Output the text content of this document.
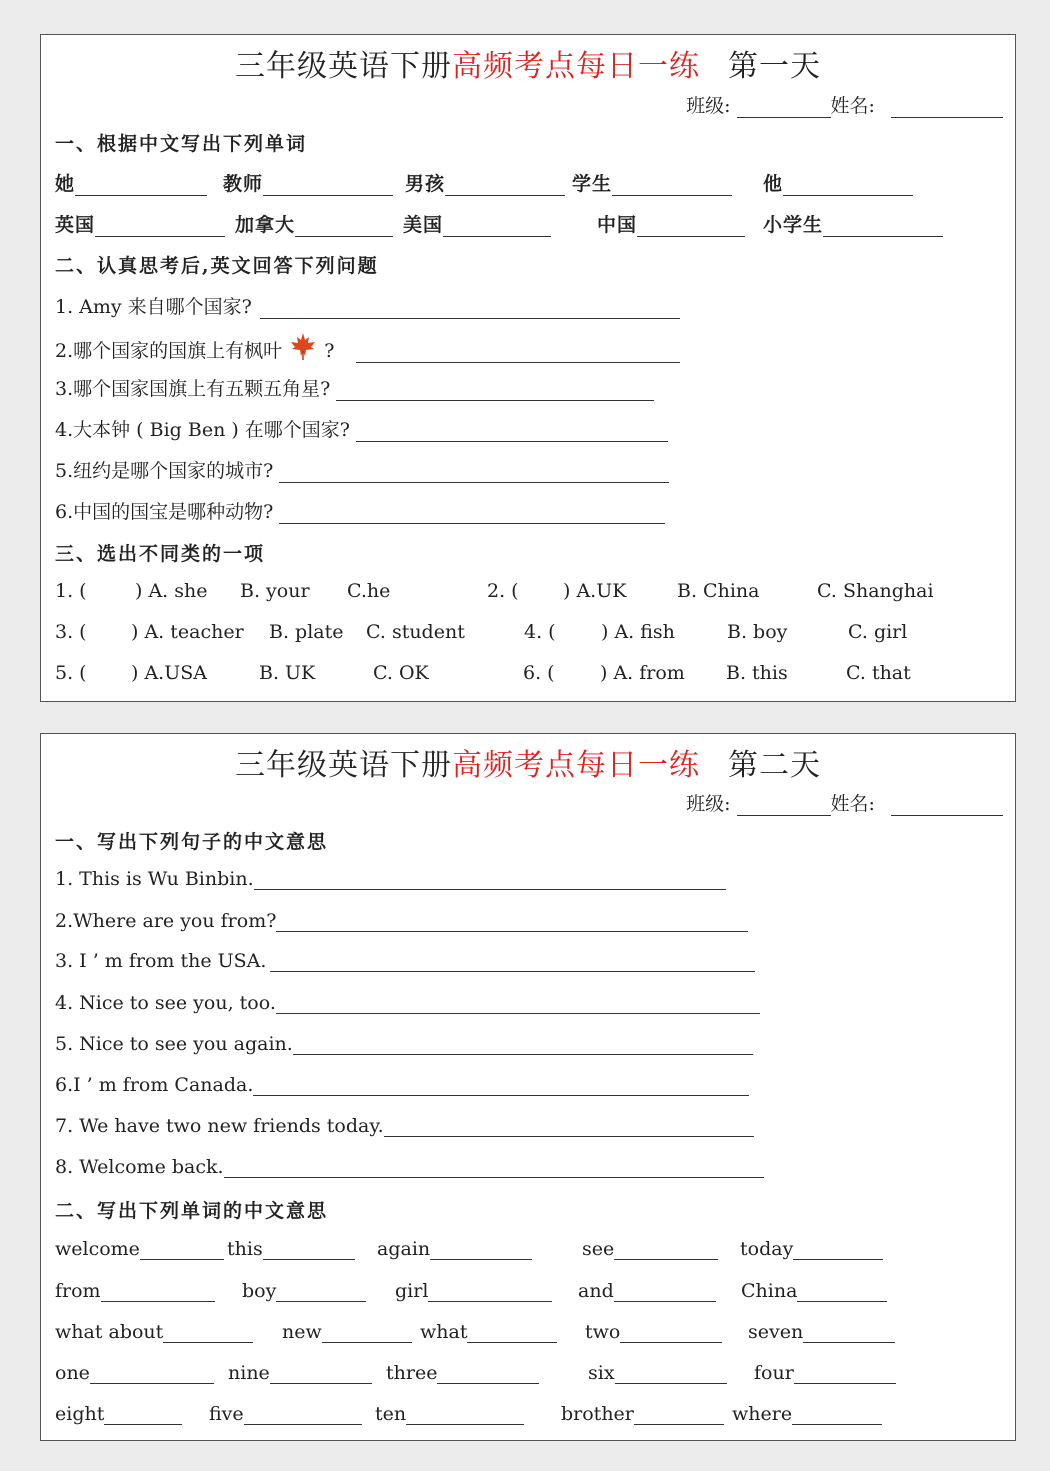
三年级英语下册高频考点每日一练 第一天
班级:	姓名:
一、根据中文写出下列单词
她	教师	男孩	学生	他
英国	加拿大	美国	中国	小学生
二、认真思考后,英文回答下列问题
1. Amy 来自哪个国家?
2.哪个国家的国旗上有枫叶 ?
3.哪个国家国旗上有五颗五角星?
4.大本钟 ( Big Ben ) 在哪个国家?
5.纽约是哪个国家的城市?
6.中国的国宝是哪种动物?
三、选出不同类的一项
1. (	) A. she B. your C.he	2. ( ) A.UK	B. China	C. Shanghai
3. ( ) A. teacher B. plate C. student	4. ( ) A. fish	B. boy	C. girl
5. ( ) A.USA	B. UK	C. OK	6. ( ) A. from B. this	C. that
三年级英语下册高频考点每日一练 第二天
班级:	姓名:
一、写出下列句子的中文意思
1. This is Wu Binbin.
2.Where are you from?
3. I ’ m from the USA.
4. Nice to see you, too.
5. Nice to see you again.
6.I ’ m from Canada.
7. We have two new friends today.
8. Welcome back.
二、写出下列单词的中文意思
welcome	this	again	see	today
from	boy	girl	and	China
what about	new	what	two	seven
one	nine	three	six	four
eight	five	ten	brother	where
